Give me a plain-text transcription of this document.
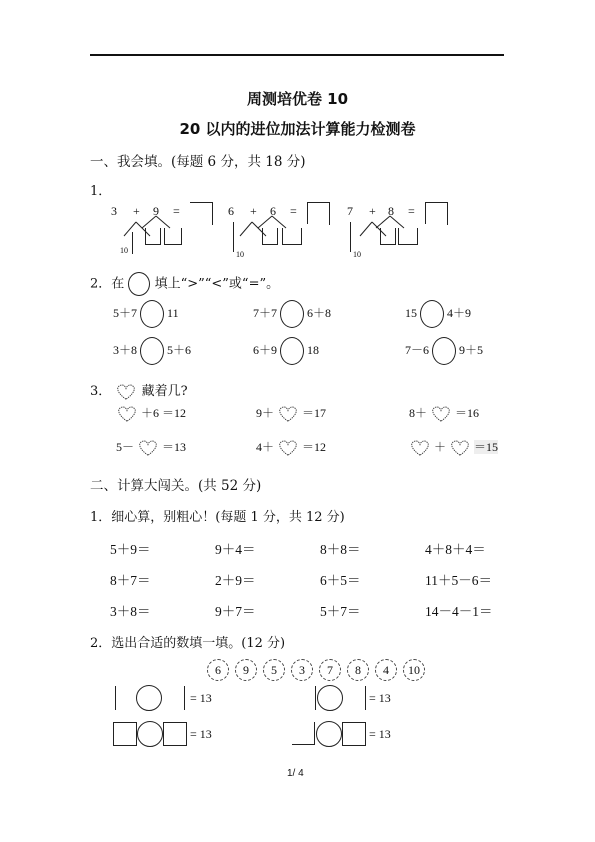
周测培优卷 10
20 以内的进位加法计算能力检测卷
一、我会填。(每题 6 分，共 18 分)
1．
3 + 9 =
10
6 + 6 =
10
7 + 8 =
10
2．在 填上“>”“<”或“=”。
5＋7	11	7＋7	6＋8	15	4＋9
3＋8	5＋6	6＋9	18	7－6	9＋5
3． 藏着几?
＋6 ＝12	9＋ ＝17	8＋ ＝16
5－ ＝13	4＋ ＝12	＋ ＝15
二、计算大闯关。(共 52 分)
1．细心算，别粗心！(每题 1 分，共 12 分)
5＋9＝	9＋4＝	8＋8＝	4＋8＋4＝
8＋7＝	2＋9＝	6＋5＝	11＋5－6＝
3＋8＝	9＋7＝	5＋7＝	14－4－1＝
2．选出合适的数填一填。(12 分)
6 9 5 3 7 8 4 10
= 13	= 13
= 13	= 13
1/ 4
